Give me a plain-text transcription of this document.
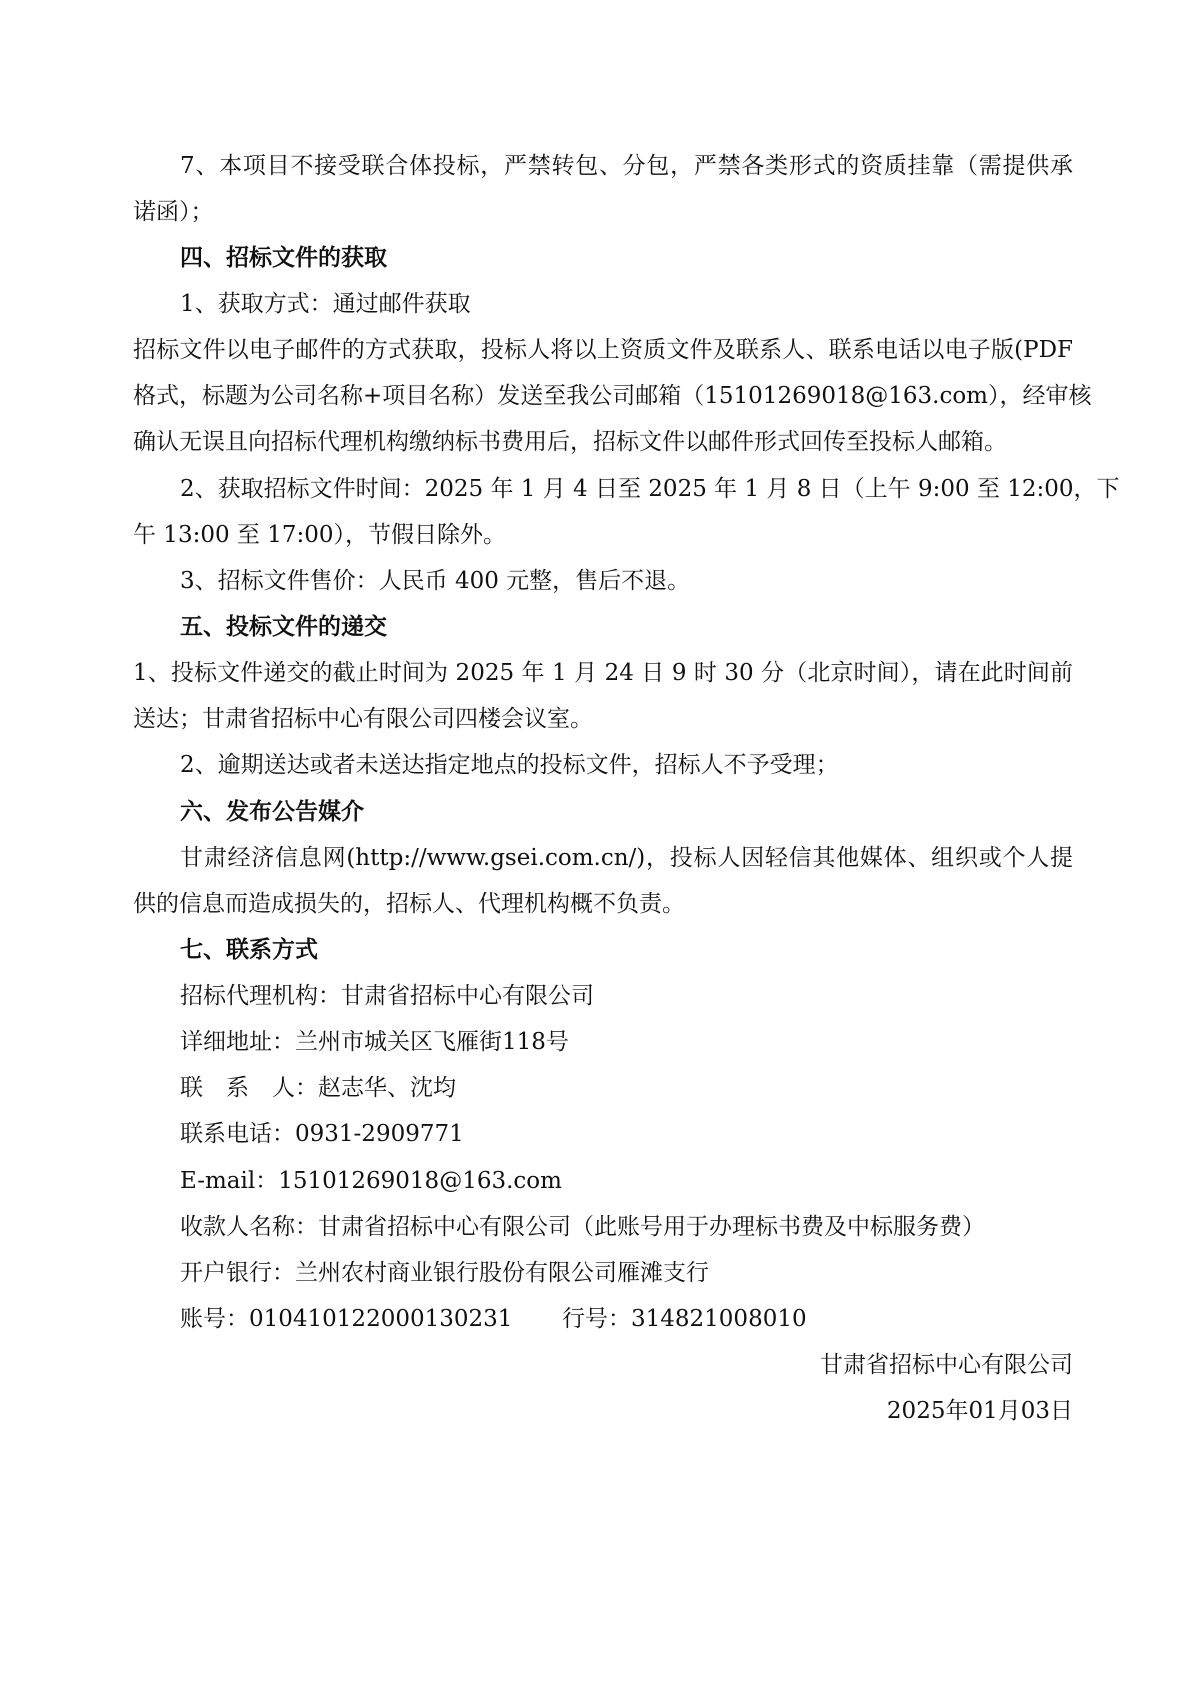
7、本项目不接受联合体投标，严禁转包、分包，严禁各类形式的资质挂靠（需提供承
诺函）；
四、招标文件的获取
1、获取方式：通过邮件获取
招标文件以电子邮件的方式获取，投标人将以上资质文件及联系人、联系电话以电子版(PDF
格式，标题为公司名称+项目名称）发送至我公司邮箱（15101269018@163.com），经审核
确认无误且向招标代理机构缴纳标书费用后，招标文件以邮件形式回传至投标人邮箱。
2、获取招标文件时间：2025 年 1 月 4 日至 2025 年 1 月 8 日（上午 9:00 至 12:00，下
午 13:00 至 17:00），节假日除外。
3、招标文件售价：人民币 400 元整，售后不退。
五、投标文件的递交
1、投标文件递交的截止时间为 2025 年 1 月 24 日 9 时 30 分（北京时间），请在此时间前
送达；甘肃省招标中心有限公司四楼会议室。
2、逾期送达或者未送达指定地点的投标文件，招标人不予受理；
六、发布公告媒介
甘肃经济信息网(http://www.gsei.com.cn/)，投标人因轻信其他媒体、组织或个人提
供的信息而造成损失的，招标人、代理机构概不负责。
七、联系方式
招标代理机构：甘肃省招标中心有限公司
详细地址：兰州市城关区飞雁街118号
联　系　人：赵志华、沈均
联系电话：0931-2909771
E-mail：15101269018@163.com
收款人名称：甘肃省招标中心有限公司（此账号用于办理标书费及中标服务费）
开户银行：兰州农村商业银行股份有限公司雁滩支行
账号：010410122000130231 行号：314821008010
甘肃省招标中心有限公司
2025年01月03日
